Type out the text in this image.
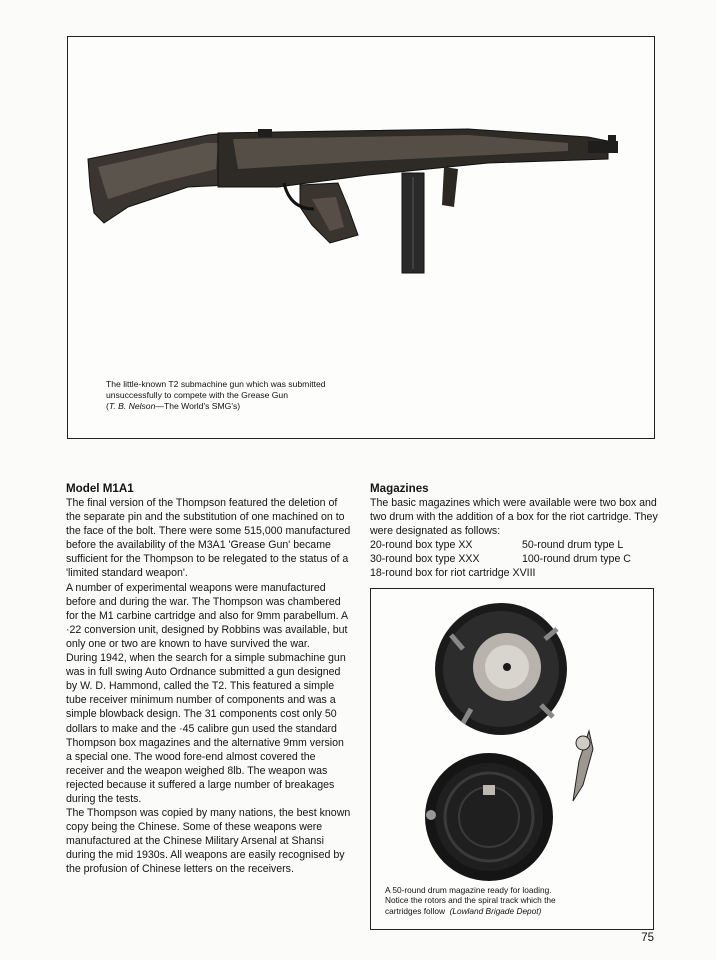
The little-known T2 submachine gun which was submitted
unsuccessfully to compete with the Grease Gun
(T. B. Nelson—The World's SMG's)
Model M1A1

The final version of the Thompson featured the deletion of the separate pin and the substitution of one machined on to the face of the bolt. There were some 515,000 manufactured before the availability of the M3A1 'Grease Gun' became sufficient for the Thompson to be relegated to the status of a 'limited standard weapon'.

A number of experimental weapons were manufactured before and during the war. The Thompson was chambered for the M1 carbine cartridge and also for 9mm parabellum. A ·22 conversion unit, designed by Robbins was available, but only one or two are known to have survived the war.

During 1942, when the search for a simple submachine gun was in full swing Auto Ordnance submitted a gun designed by W. D. Hammond, called the T2. This featured a simple tube receiver minimum number of components and was a simple blowback design. The 31 components cost only 50 dollars to make and the ·45 calibre gun used the standard Thompson box magazines and the alternative 9mm version a special one. The wood fore-end almost covered the receiver and the weapon weighed 8lb. The weapon was rejected because it suffered a large number of breakages during the tests.

The Thompson was copied by many nations, the best known copy being the Chinese. Some of these weapons were manufactured at the Chinese Military Arsenal at Shansi during the mid 1930s. All weapons are easily recognised by the profusion of Chinese letters on the receivers.

Magazines

The basic magazines which were available were two box and two drum with the addition of a box for the riot cartridge. They were designated as follows:

20-round box type XX	50-round drum type L
30-round box type XXX	100-round drum type C
18-round box for riot cartridge XVIII
A 50-round drum magazine ready for loading.
Notice the rotors and the spiral track which the
cartridges follow (Lowland Brigade Depot)
75
